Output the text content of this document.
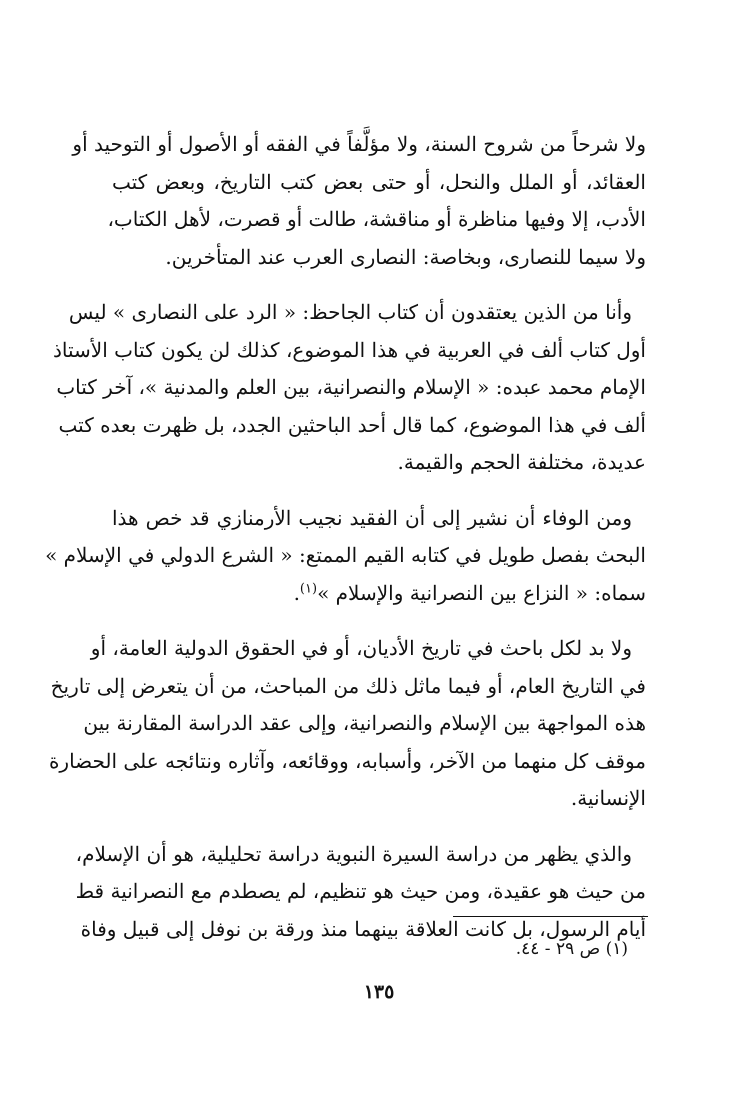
ولا شرحاً من شروح السنة، ولا مؤلَّفاً في الفقه أو الأصول أو التوحيد أو
العقائد، أو الملل والنحل، أو حتى بعض كتب التاريخ، وبعض كتب
الأدب، إلا وفيها مناظرة أو مناقشة، طالت أو قصرت، لأهل الكتاب،
ولا سيما للنصارى، وبخاصة: النصارى العرب عند المتأخرين.

وأنا من الذين يعتقدون أن كتاب الجاحظ: « الرد على النصارى » ليس
أول كتاب ألف في العربية في هذا الموضوع، كذلك لن يكون كتاب الأستاذ
الإمام محمد عبده: « الإسلام والنصرانية، بين العلم والمدنية »، آخر كتاب
ألف في هذا الموضوع، كما قال أحد الباحثين الجدد، بل ظهرت بعده كتب
عديدة، مختلفة الحجم والقيمة.

ومن الوفاء أن نشير إلى أن الفقيد نجيب الأرمنازي قد خص هذا
البحث بفصل طويل في كتابه القيم الممتع: « الشرع الدولي في الإسلام »
سماه: « النزاع بين النصرانية والإسلام »$^{(١)}$.

ولا بد لكل باحث في تاريخ الأديان، أو في الحقوق الدولية العامة، أو
في التاريخ العام، أو فيما ماثل ذلك من المباحث، من أن يتعرض إلى تاريخ
هذه المواجهة بين الإسلام والنصرانية، وإلى عقد الدراسة المقارنة بين
موقف كل منهما من الآخر، وأسبابه، ووقائعه، وآثاره ونتائجه على الحضارة
الإنسانية.

والذي يظهر من دراسة السيرة النبوية دراسة تحليلية، هو أن الإسلام،
من حيث هو عقيدة، ومن حيث هو تنظيم، لم يصطدم مع النصرانية قط
أيام الرسول، بل كانت العلاقة بينهما منذ ورقة بن نوفل إلى قبيل وفاة

(١) ص ٢٩ - ٤٤.
١٣٥
